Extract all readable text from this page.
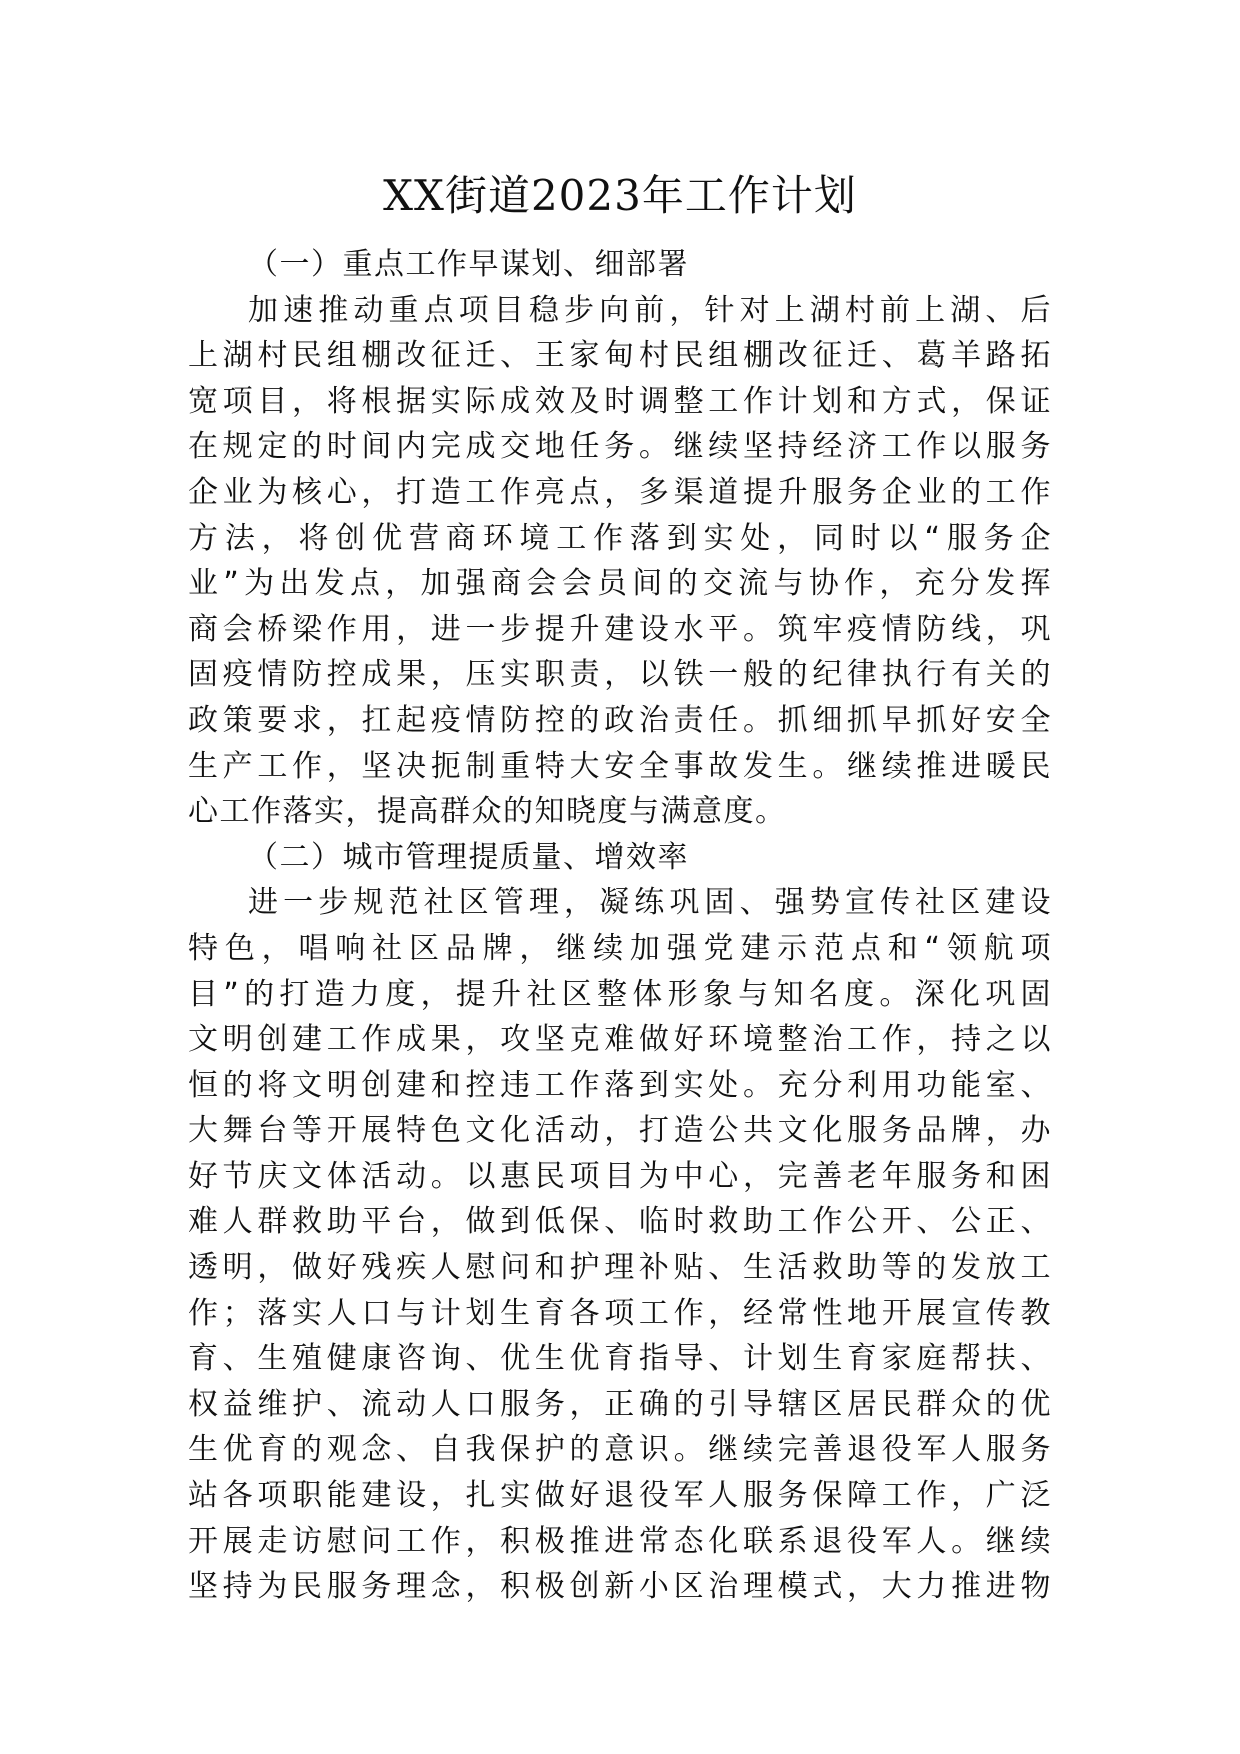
XX街道2023年工作计划

（一）重点工作早谋划、细部署

加速推动重点项目稳步向前，针对上湖村前上湖、后
上湖村民组棚改征迁、王家甸村民组棚改征迁、葛羊路拓
宽项目，将根据实际成效及时调整工作计划和方式，保证
在规定的时间内完成交地任务。继续坚持经济工作以服务
企业为核心，打造工作亮点，多渠道提升服务企业的工作
方法，将创优营商环境工作落到实处，同时以“服务企
业”为出发点，加强商会会员间的交流与协作，充分发挥
商会桥梁作用，进一步提升建设水平。筑牢疫情防线，巩
固疫情防控成果，压实职责，以铁一般的纪律执行有关的
政策要求，扛起疫情防控的政治责任。抓细抓早抓好安全
生产工作，坚决扼制重特大安全事故发生。继续推进暖民
心工作落实，提高群众的知晓度与满意度。

（二）城市管理提质量、增效率

进一步规范社区管理，凝练巩固、强势宣传社区建设
特色，唱响社区品牌，继续加强党建示范点和“领航项
目”的打造力度，提升社区整体形象与知名度。深化巩固
文明创建工作成果，攻坚克难做好环境整治工作，持之以
恒的将文明创建和控违工作落到实处。充分利用功能室、
大舞台等开展特色文化活动，打造公共文化服务品牌，办
好节庆文体活动。以惠民项目为中心，完善老年服务和困
难人群救助平台，做到低保、临时救助工作公开、公正、
透明，做好残疾人慰问和护理补贴、生活救助等的发放工
作；落实人口与计划生育各项工作，经常性地开展宣传教
育、生殖健康咨询、优生优育指导、计划生育家庭帮扶、
权益维护、流动人口服务，正确的引导辖区居民群众的优
生优育的观念、自我保护的意识。继续完善退役军人服务
站各项职能建设，扎实做好退役军人服务保障工作，广泛
开展走访慰问工作，积极推进常态化联系退役军人。继续
坚持为民服务理念，积极创新小区治理模式，大力推进物
